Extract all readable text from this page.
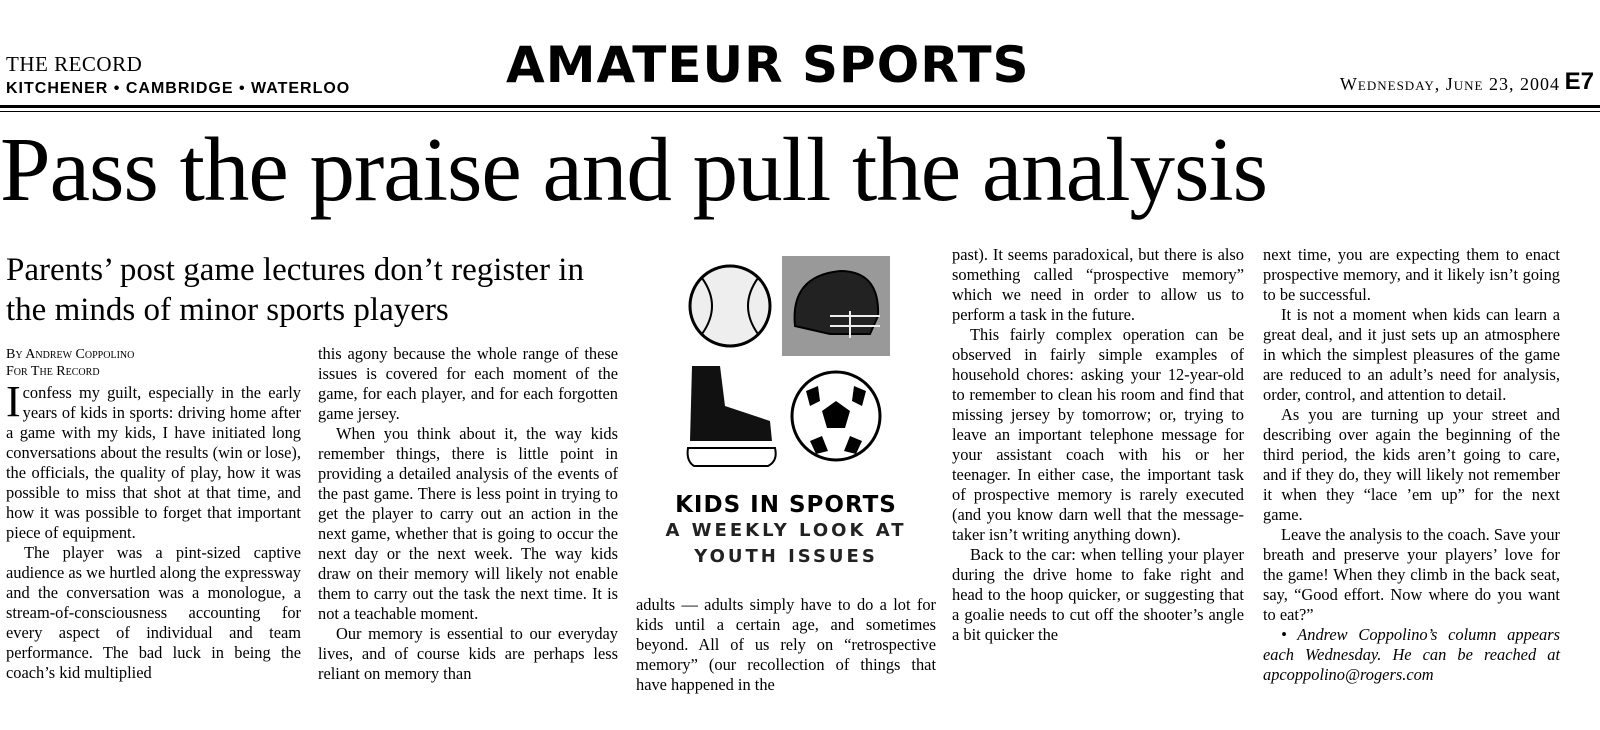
THE RECORD
KITCHENER • CAMBRIDGE • WATERLOO	AMATEUR SPORTS	Wednesday, June 23, 2004 E7
Pass the praise and pull the analysis
Parents’ post game lectures don’t register in the minds of minor sports players
By Andrew Coppolino
For The Record

Iconfess my guilt, especially in the early years of kids in sports: driving home after a game with my kids, I have initiated long conversations about the results (win or lose), the officials, the quality of play, how it was possible to miss that shot at that time, and how it was possible to forget that important piece of equipment.

The player was a pint-sized captive audience as we hurtled along the expressway and the conversation was a monologue, a stream-of-consciousness accounting for every aspect of individual and team performance. The bad luck in being the coach’s kid multiplied

this agony because the whole range of these issues is covered for each moment of the game, for each player, and for each forgotten game jersey.

When you think about it, the way kids remember things, there is little point in providing a detailed analysis of the events of the past game. There is less point in trying to get the player to carry out an action in the next game, whether that is going to occur the next day or the next week. The way kids draw on their memory will likely not enable them to carry out the task the next time. It is not a teachable moment.

Our memory is essential to our everyday lives, and of course kids are perhaps less reliant on memory than

KIDS IN SPORTS
A WEEKLY LOOK AT
YOUTH ISSUES

adults — adults simply have to do a lot for kids until a certain age, and sometimes beyond. All of us rely on “retrospective memory” (our recollection of things that have happened in the

past). It seems paradoxical, but there is also something called “prospective memory” which we need in order to allow us to perform a task in the future.

This fairly complex operation can be observed in fairly simple examples of household chores: asking your 12-year-old to remember to clean his room and find that missing jersey by tomorrow; or, trying to leave an important telephone message for your assistant coach with his or her teenager. In either case, the important task of prospective memory is rarely executed (and you know darn well that the message-taker isn’t writing anything down).

Back to the car: when telling your player during the drive home to fake right and head to the hoop quicker, or suggesting that a goalie needs to cut off the shooter’s angle a bit quicker the

next time, you are expecting them to enact prospective memory, and it likely isn’t going to be successful.

It is not a moment when kids can learn a great deal, and it just sets up an atmosphere in which the simplest pleasures of the game are reduced to an adult’s need for analysis, order, control, and attention to detail.

As you are turning up your street and describing over again the beginning of the third period, the kids aren’t going to care, and if they do, they will likely not remember it when they “lace ’em up” for the next game.

Leave the analysis to the coach. Save your breath and preserve your players’ love for the game! When they climb in the back seat, say, “Good effort. Now where do you want to eat?”

• Andrew Coppolino’s column appears each Wednesday. He can be reached at apcoppolino@rogers.com
